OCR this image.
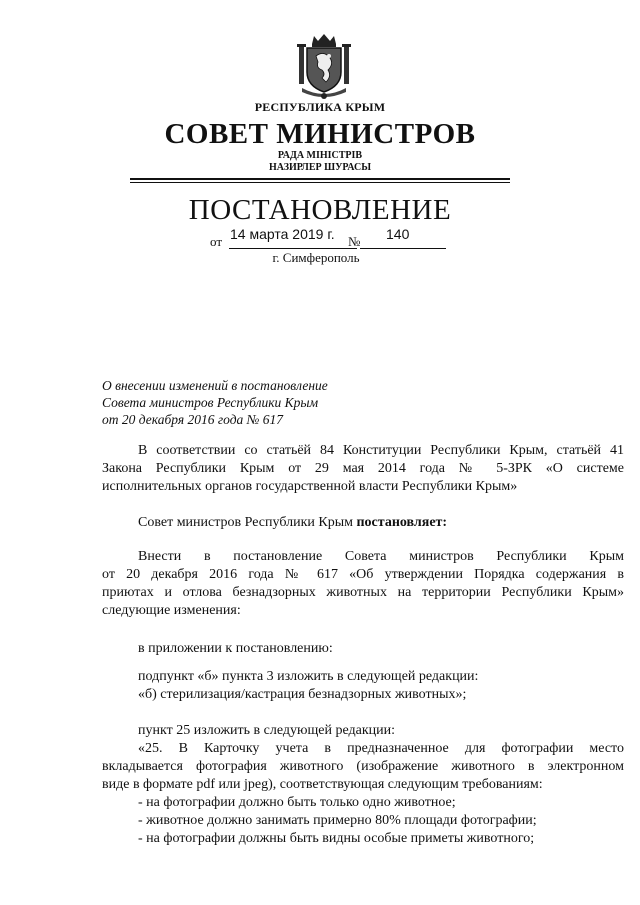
РЕСПУБЛИКА КРЫМ
СОВЕТ МИНИСТРОВ
РАДА МІНІСТРІВ
НАЗИРЛЕР ШУРАСЫ
ПОСТАНОВЛЕНИЕ
от 14 марта 2019 г. № 140
г. Симферополь
О внесении изменений в постановление
Совета министров Республики Крым
от 20 декабря 2016 года № 617
В соответствии со статьёй 84 Конституции Республики Крым, статьёй 41
Закона Республики Крым от 29 мая 2014 года № 5-ЗРК «О системе
исполнительных органов государственной власти Республики Крым»
Совет министров Республики Крым постановляет:
Внести в постановление Совета министров Республики Крым
от 20 декабря 2016 года № 617 «Об утверждении Порядка содержания в
приютах и отлова безнадзорных животных на территории Республики Крым»
следующие изменения:
в приложении к постановлению:
подпункт «б» пункта 3 изложить в следующей редакции:
«б) стерилизация/кастрация безнадзорных животных»;
пункт 25 изложить в следующей редакции:
«25. В Карточку учета в предназначенное для фотографии место
вкладывается фотография животного (изображение животного в электронном
виде в формате pdf или jpeg), соответствующая следующим требованиям:
- на фотографии должно быть только одно животное;
- животное должно занимать примерно 80% площади фотографии;
- на фотографии должны быть видны особые приметы животного;
